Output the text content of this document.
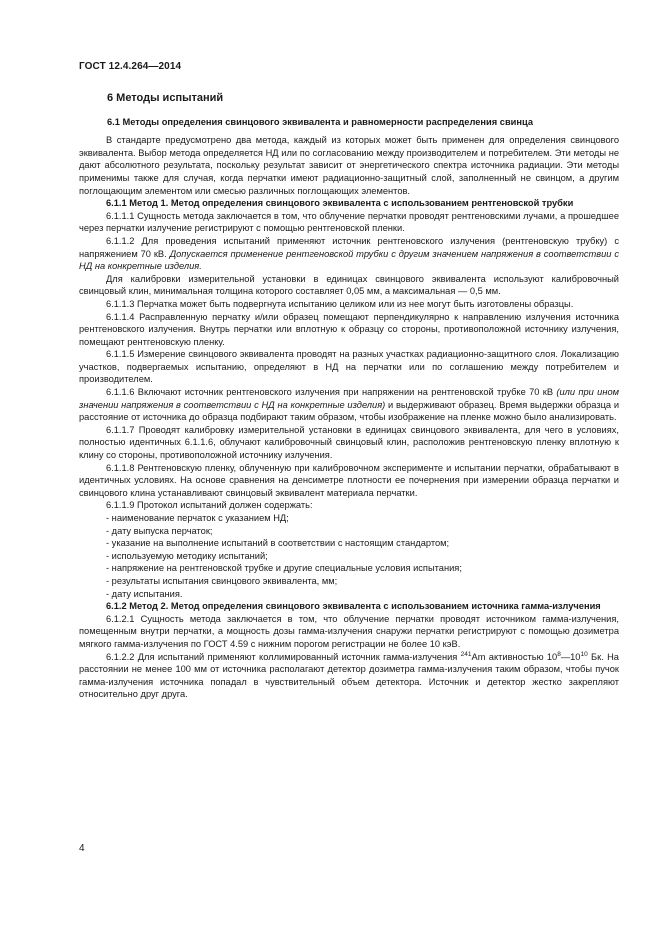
ГОСТ 12.4.264—2014

6 Методы испытаний

6.1 Методы определения свинцового эквивалента и равномерности распределения свинца

В стандарте предусмотрено два метода, каждый из которых может быть применен для определения свинцового эквивалента. Выбор метода определяется НД или по согласованию между производителем и потребителем. Эти методы не дают абсолютного результата, поскольку результат зависит от энергетического спектра источника радиации. Эти методы применимы также для случая, когда перчатки имеют радиационно-защитный слой, заполненный не свинцом, а другим поглощающим элементом или смесью различных поглощающих элементов.

6.1.1 Метод 1. Метод определения свинцового эквивалента с использованием рентгеновской трубки

6.1.1.1 Сущность метода заключается в том, что облучение перчатки проводят рентгеновскими лучами, а прошедшее через перчатки излучение регистрируют с помощью рентгеновской пленки.

6.1.1.2 Для проведения испытаний применяют источник рентгеновского излучения (рентгеновскую трубку) с напряжением 70 кВ. Допускается применение рентгеновской трубки с другим значением напряжения в соответствии с НД на конкретные изделия.

Для калибровки измерительной установки в единицах свинцового эквивалента используют калибровочный свинцовый клин, минимальная толщина которого составляет 0,05 мм, а максимальная — 0,5 мм.

6.1.1.3 Перчатка может быть подвергнута испытанию целиком или из нее могут быть изготовлены образцы.

6.1.1.4 Расправленную перчатку и/или образец помещают перпендикулярно к направлению излучения источника рентгеновского излучения. Внутрь перчатки или вплотную к образцу со стороны, противоположной источнику излучения, помещают рентгеновскую пленку.

6.1.1.5 Измерение свинцового эквивалента проводят на разных участках радиационно-защитного слоя. Локализацию участков, подвергаемых испытанию, определяют в НД на перчатки или по соглашению между потребителем и производителем.

6.1.1.6 Включают источник рентгеновского излучения при напряжении на рентгеновской трубке 70 кВ (или при ином значении напряжения в соответствии с НД на конкретные изделия) и выдерживают образец. Время выдержки образца и расстояние от источника до образца подбирают таким образом, чтобы изображение на пленке можно было анализировать.

6.1.1.7 Проводят калибровку измерительной установки в единицах свинцового эквивалента, для чего в условиях, полностью идентичных 6.1.1.6, облучают калибровочный свинцовый клин, расположив рентгеновскую пленку вплотную к клину со стороны, противоположной источнику излучения.

6.1.1.8 Рентгеновскую пленку, облученную при калибровочном эксперименте и испытании перчатки, обрабатывают в идентичных условиях. На основе сравнения на денсиметре плотности ее почернения при измерении образца перчатки и свинцового клина устанавливают свинцовый эквивалент материала перчатки.

6.1.1.9 Протокол испытаний должен содержать:

- наименование перчаток с указанием НД;

- дату выпуска перчаток;

- указание на выполнение испытаний в соответствии с настоящим стандартом;

- используемую методику испытаний;

- напряжение на рентгеновской трубке и другие специальные условия испытания;

- результаты испытания свинцового эквивалента, мм;

- дату испытания.

6.1.2 Метод 2. Метод определения свинцового эквивалента с использованием источника гамма-излучения

6.1.2.1 Сущность метода заключается в том, что облучение перчатки проводят источником гамма-излучения, помещенным внутри перчатки, а мощность дозы гамма-излучения снаружи перчатки регистрируют с помощью дозиметра мягкого гамма-излучения по ГОСТ 4.59 с нижним порогом регистрации не более 10 кэВ.

6.1.2.2 Для испытаний применяют коллимированный источник гамма-излучения $^{241}$Am активностью $10^8—10^{10}$ Бк. На расстоянии не менее 100 мм от источника располагают детектор дозиметра гамма-излучения таким образом, чтобы пучок гамма-излучения источника попадал в чувствительный объем детектора. Источник и детектор жестко закрепляют относительно друг друга.

4
